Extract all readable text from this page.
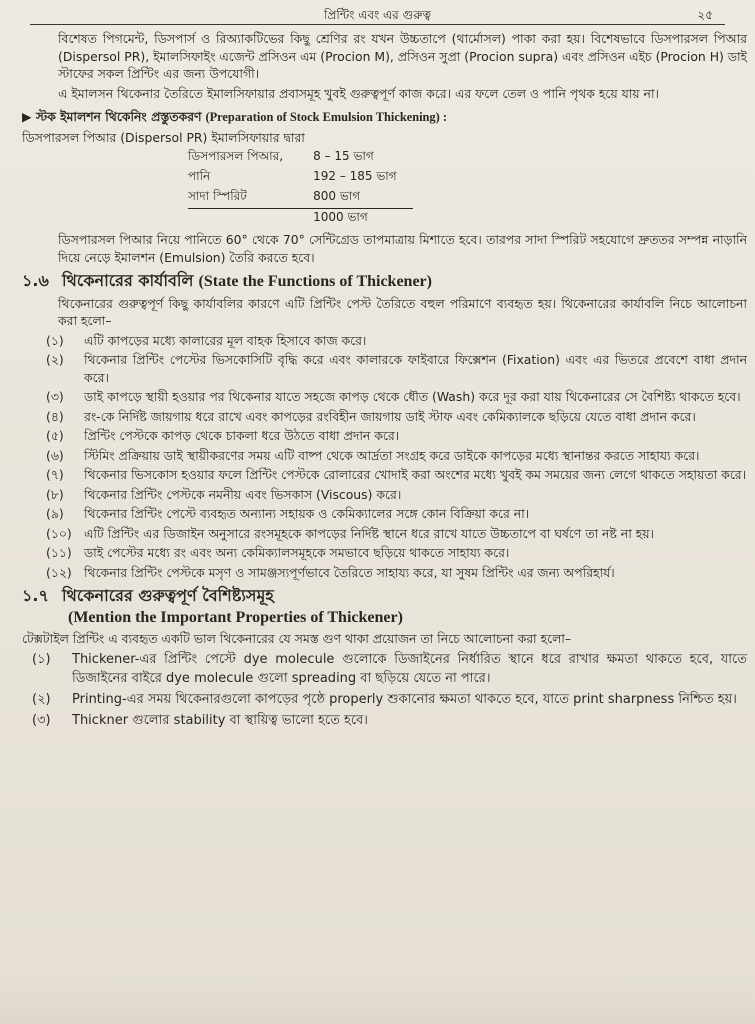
প্রিন্টিং এবং এর গুরুত্ব	২৫

বিশেষত পিগমেন্ট, ডিসপার্স ও রিঅ্যাকটিভের কিছু শ্রেণির রং যখন উচ্চতাপে (থার্মোসল) পাকা করা হয়। বিশেষভাবে ডিসপারসল পিআর (Dispersol PR), ইমালসিফাইং এজেন্ট প্রসিওন এম (Procion M), প্রসিওন সুপ্রা (Procion supra) এবং প্রসিওন এইচ (Procion H) ডাই স্টাফের সকল প্রিন্টিং এর জন্য উপযোগী।

এ ইমালসন থিকেনার তৈরিতে ইমালসিফায়ার প্রবাসমূহ খুবই গুরুত্বপূর্ণ কাজ করে। এর ফলে তেল ও পানি পৃথক হয়ে যায় না।

▶ স্টক ইমালশন থিকেনিং প্রস্তুতকরণ (Preparation of Stock Emulsion Thickening) :

ডিসপারসল পিআর (Dispersol PR) ইমালসিফায়ার দ্বারা

ডিসপারসল পিআর,	8 – 15 ভাগ
পানি	192 – 185 ভাগ
সাদা স্পিরিট	800 ভাগ
	1000 ভাগ

ডিসপারসল পিআর নিয়ে পানিতে 60° থেকে 70° সেন্টিগ্রেড তাপমাত্রায় মিশাতে হবে। তারপর সাদা স্পিরিট সহযোগে দ্রুততর সম্পন্ন নাড়ানি দিয়ে নেড়ে ইমালশন (Emulsion) তৈরি করতে হবে।

১.৬ থিকেনারের কার্যাবলি (State the Functions of Thickener)

থিকেনারের গুরুত্বপূর্ণ কিছু কার্যাবলির কারণে এটি প্রিন্টিং পেস্ট তৈরিতে বহুল পরিমাণে ব্যবহৃত হয়। থিকেনারের কার্যাবলি নিচে আলোচনা করা হলো–

(১) এটি কাপড়ের মধ্যে কালারের মূল বাহক হিসাবে কাজ করে।
(২) থিকেনার প্রিন্টিং পেস্টের ভিসকোসিটি বৃদ্ধি করে এবং কালারকে ফাইবারে ফিক্সেশন (Fixation) এবং এর ভিতরে প্রবেশে বাধা প্রদান করে।
(৩) ডাই কাপড়ে স্থায়ী হওয়ার পর থিকেনার যাতে সহজে কাপড় থেকে ধৌত (Wash) করে দূর করা যায় থিকেনারের সে বৈশিষ্ট্য থাকতে হবে।
(৪) রং-কে নির্দিষ্ট জায়গায় ধরে রাখে এবং কাপড়ের রংবিহীন জায়গায় ডাই স্টাফ এবং কেমিক্যালকে ছড়িয়ে যেতে বাধা প্রদান করে।
(৫) প্রিন্টিং পেস্টকে কাপড় থেকে চাকলা ধরে উঠতে বাধা প্রদান করে।
(৬) স্টিমিং প্রক্রিয়ায় ডাই স্থায়ীকরণের সময় এটি বাষ্প থেকে আর্দ্রতা সংগ্রহ করে ডাইকে কাপড়ের মধ্যে স্থানান্তর করতে সাহায্য করে।
(৭) থিকেনার ভিসকোস হওয়ার ফলে প্রিন্টিং পেস্টকে রোলারের খোদাই করা অংশের মধ্যে খুবই কম সময়ের জন্য লেগে থাকতে সহায়তা করে।
(৮) থিকেনার প্রিন্টিং পেস্টকে নমনীয় এবং ভিসকাস (Viscous) করে।
(৯) থিকেনার প্রিন্টিং পেস্টে ব্যবহৃত অন্যান্য সহায়ক ও কেমিক্যালের সঙ্গে কোন বিক্রিয়া করে না।
(১০) এটি প্রিন্টিং এর ডিজাইন অনুসারে রংসমূহকে কাপড়ের নির্দিষ্ট স্থানে ধরে রাখে যাতে উচ্চতাপে বা ঘর্ষণে তা নষ্ট না হয়।
(১১) ডাই পেস্টের মধ্যে রং এবং অন্য কেমিক্যালসমূহকে সমভাবে ছড়িয়ে থাকতে সাহায্য করে।
(১২) থিকেনার প্রিন্টিং পেস্টকে মসৃণ ও সামঞ্জস্যপূর্ণভাবে তৈরিতে সাহায্য করে, যা সুষম প্রিন্টিং এর জন্য অপরিহার্য।
১.৭ থিকেনারের গুরুত্বপূর্ণ বৈশিষ্ট্যসমূহ
(Mention the Important Properties of Thickener)

টেক্সটাইল প্রিন্টিং এ ব্যবহৃত একটি ভাল থিকেনারের যে সমস্ত গুণ থাকা প্রয়োজন তা নিচে আলোচনা করা হলো–

(১) Thickener-এর প্রিন্টিং পেস্টে dye molecule গুলোকে ডিজাইনের নির্ধারিত স্থানে ধরে রাখার ক্ষমতা থাকতে হবে, যাতে ডিজাইনের বাইরে dye molecule গুলো spreading বা ছড়িয়ে যেতে না পারে।
(২) Printing-এর সময় থিকেনারগুলো কাপড়ের পৃষ্ঠে properly শুকানোর ক্ষমতা থাকতে হবে, যাতে print sharpness নিশ্চিত হয়।
(৩) Thickner গুলোর stability বা স্থায়িত্ব ভালো হতে হবে।
